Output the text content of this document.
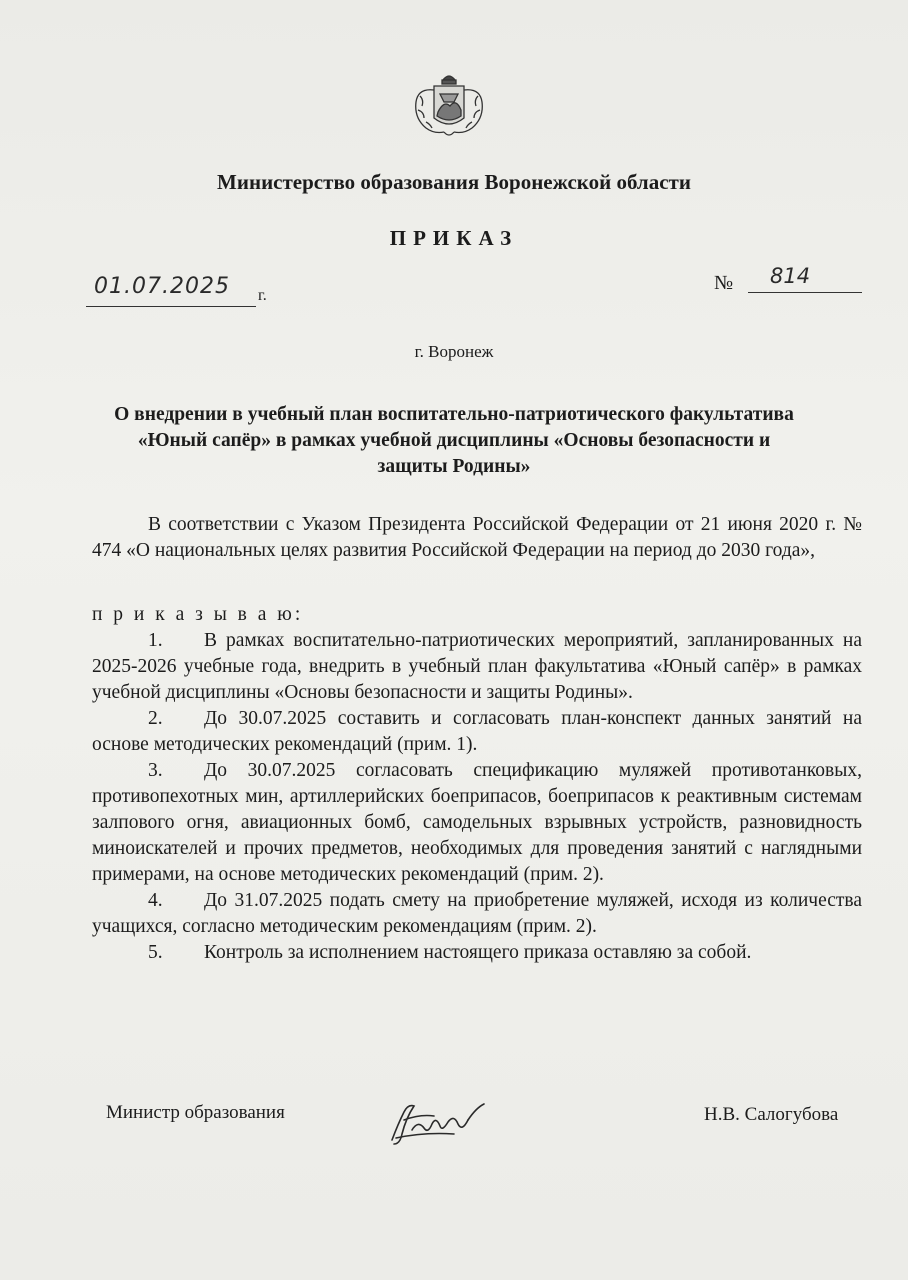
Министерство образования Воронежской области
ПРИКАЗ
01.07.2025 г.
№ 814
г. Воронеж
О внедрении в учебный план воспитательно-патриотического факультатива «Юный сапёр» в рамках учебной дисциплины «Основы безопасности и защиты Родины»
В соответствии с Указом Президента Российской Федерации от 21 июня 2020 г. № 474 «О национальных целях развития Российской Федерации на период до 2030 года»,
п р и к а з ы в а ю:

1. В рамках воспитательно-патриотических мероприятий, запланированных на 2025-2026 учебные года, внедрить в учебный план факультатива «Юный сапёр» в рамках учебной дисциплины «Основы безопасности и защиты Родины».

2. До 30.07.2025 составить и согласовать план-конспект данных занятий на основе методических рекомендаций (прим. 1).

3. До 30.07.2025 согласовать спецификацию муляжей противотанковых, противопехотных мин, артиллерийских боеприпасов, боеприпасов к реактивным системам залпового огня, авиационных бомб, самодельных взрывных устройств, разновидность миноискателей и прочих предметов, необходимых для проведения занятий с наглядными примерами, на основе методических рекомендаций (прим. 2).

4. До 31.07.2025 подать смету на приобретение муляжей, исходя из количества учащихся, согласно методическим рекомендациям (прим. 2).

5. Контроль за исполнением настоящего приказа оставляю за собой.

Министр образования	Н.В. Салогубова
